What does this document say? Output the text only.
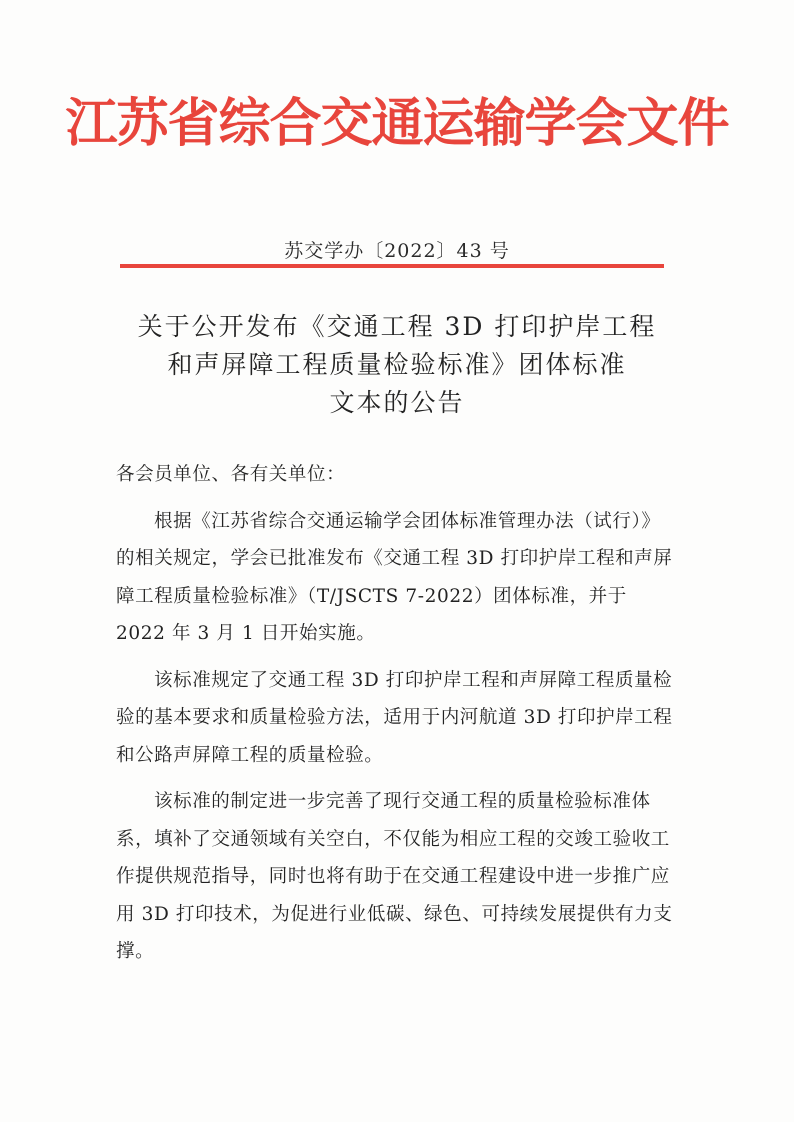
江苏省综合交通运输学会文件
苏交学办〔2022〕43 号
关于公开发布《交通工程 3D 打印护岸工程
和声屏障工程质量检验标准》团体标准
文本的公告

各会员单位、各有关单位：

根据《江苏省综合交通运输学会团体标准管理办法（试行）》的相关规定，学会已批准发布《交通工程 3D 打印护岸工程和声屏障工程质量检验标准》（T/JSCTS 7-2022）团体标准，并于 2022 年 3 月 1 日开始实施。

该标准规定了交通工程 3D 打印护岸工程和声屏障工程质量检验的基本要求和质量检验方法，适用于内河航道 3D 打印护岸工程和公路声屏障工程的质量检验。

该标准的制定进一步完善了现行交通工程的质量检验标准体系，填补了交通领域有关空白，不仅能为相应工程的交竣工验收工作提供规范指导，同时也将有助于在交通工程建设中进一步推广应用 3D 打印技术，为促进行业低碳、绿色、可持续发展提供有力支撑。
